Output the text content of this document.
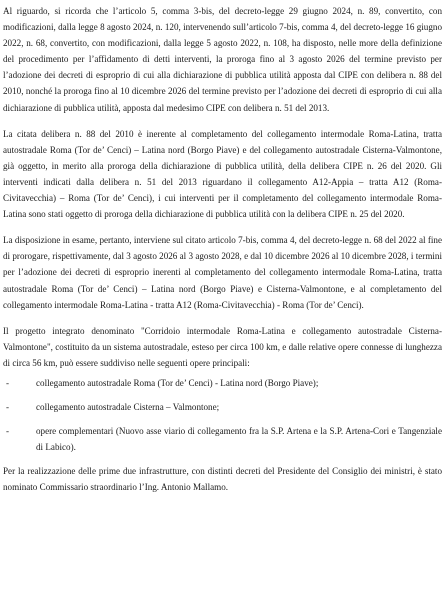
Al riguardo, si ricorda che l’articolo 5, comma 3-bis, del decreto-legge 29 giugno 2024, n. 89, convertito, con modificazioni, dalla legge 8 agosto 2024, n. 120, intervenendo sull’articolo 7-bis, comma 4, del decreto-legge 16 giugno 2022, n. 68, convertito, con modificazioni, dalla legge 5 agosto 2022, n. 108, ha disposto, nelle more della definizione del procedimento per l’affidamento di detti interventi, la proroga fino al 3 agosto 2026 del termine previsto per l’adozione dei decreti di esproprio di cui alla dichiarazione di pubblica utilità apposta dal CIPE con delibera n. 88 del 2010, nonché la proroga fino al 10 dicembre 2026 del termine previsto per l’adozione dei decreti di esproprio di cui alla dichiarazione di pubblica utilità, apposta dal medesimo CIPE con delibera n. 51 del 2013.

La citata delibera n. 88 del 2010 è inerente al completamento del collegamento intermodale Roma-Latina, tratta autostradale Roma (Tor de’ Cenci) – Latina nord (Borgo Piave) e del collegamento autostradale Cisterna-Valmontone, già oggetto, in merito alla proroga della dichiarazione di pubblica utilità, della delibera CIPE n. 26 del 2020. Gli interventi indicati dalla delibera n. 51 del 2013 riguardano il collegamento A12-Appia – tratta A12 (Roma-Civitavecchia) – Roma (Tor de’ Cenci), i cui interventi per il completamento del collegamento intermodale Roma-Latina sono stati oggetto di proroga della dichiarazione di pubblica utilità con la delibera CIPE n. 25 del 2020.

La disposizione in esame, pertanto, interviene sul citato articolo 7-bis, comma 4, del decreto-legge n. 68 del 2022 al fine di prorogare, rispettivamente, dal 3 agosto 2026 al 3 agosto 2028, e dal 10 dicembre 2026 al 10 dicembre 2028, i termini per l’adozione dei decreti di esproprio inerenti al completamento del collegamento intermodale Roma-Latina, tratta autostradale Roma (Tor de’ Cenci) – Latina nord (Borgo Piave) e Cisterna-Valmontone, e al completamento del collegamento intermodale Roma-Latina - tratta A12 (Roma-Civitavecchia) - Roma (Tor de’ Cenci).

Il progetto integrato denominato "Corridoio intermodale Roma-Latina e collegamento autostradale Cisterna-Valmontone", costituito da un sistema autostradale, esteso per circa 100 km, e dalle relative opere connesse di lunghezza di circa 56 km, può essere suddiviso nelle seguenti opere principali:

-	collegamento autostradale Roma (Tor de’ Cenci) - Latina nord (Borgo Piave);
-	collegamento autostradale Cisterna – Valmontone;
-	opere complementari (Nuovo asse viario di collegamento fra la S.P. Artena e la S.P. Artena-Cori e Tangenziale di Labico).

Per la realizzazione delle prime due infrastrutture, con distinti decreti del Presidente del Consiglio dei ministri, è stato nominato Commissario straordinario l’Ing. Antonio Mallamo.
